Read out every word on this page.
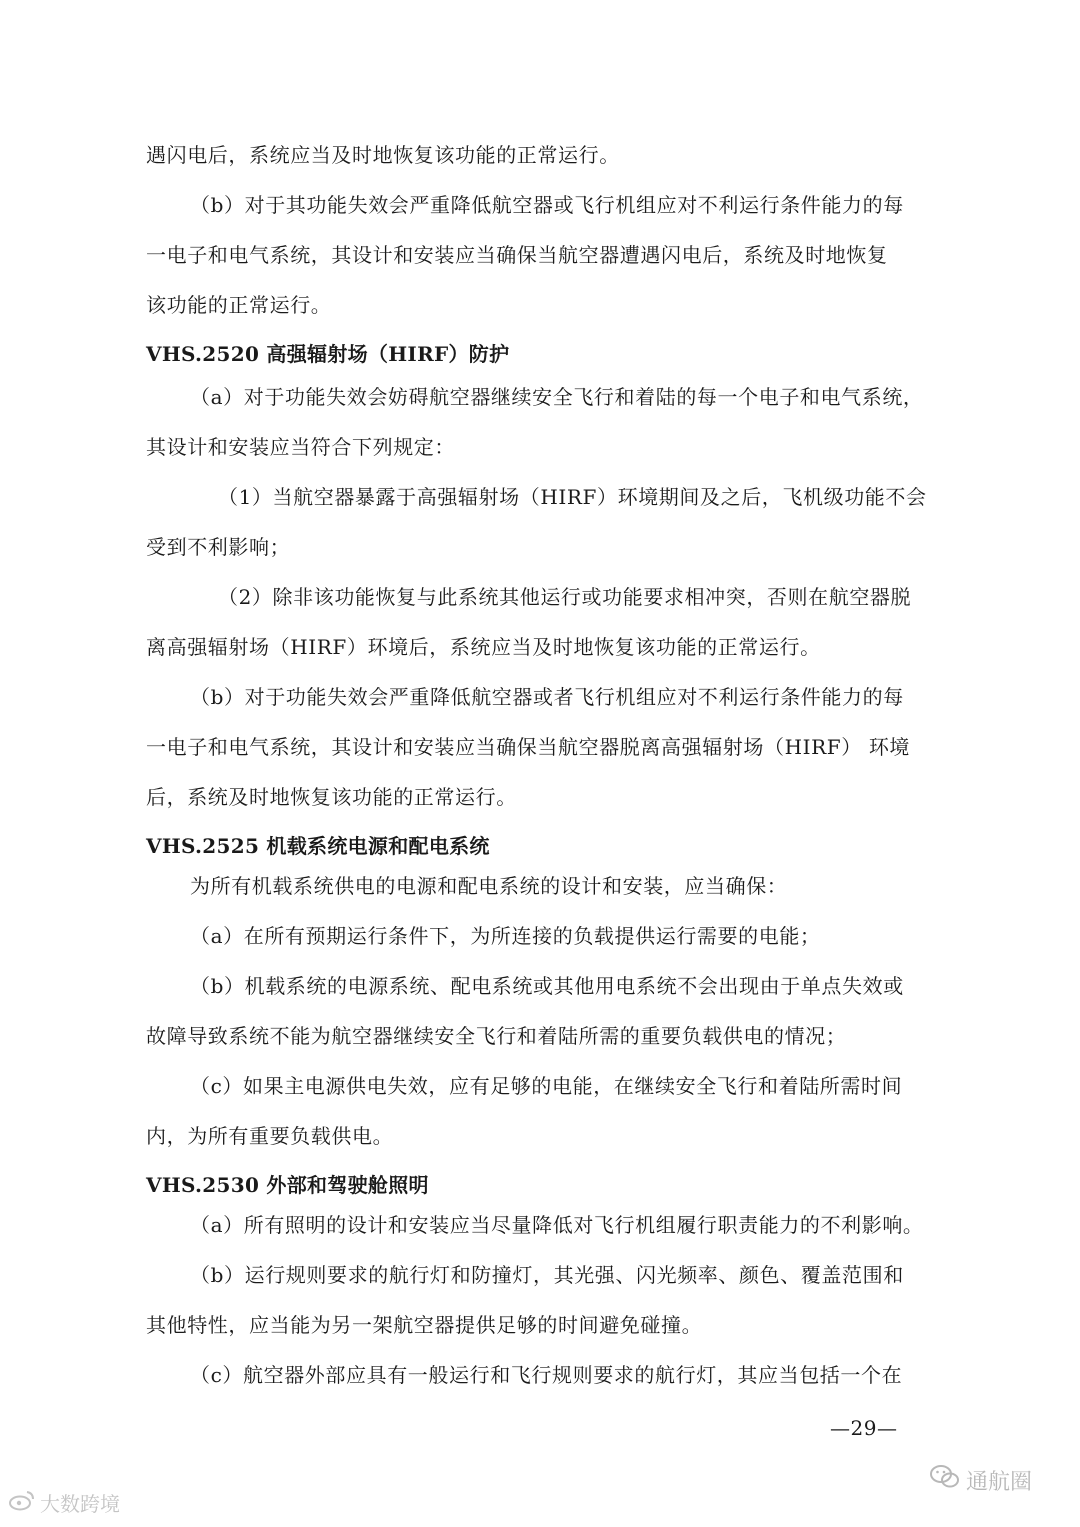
遇闪电后，系统应当及时地恢复该功能的正常运行。
（b）对于其功能失效会严重降低航空器或飞行机组应对不利运行条件能力的每
一电子和电气系统，其设计和安装应当确保当航空器遭遇闪电后，系统及时地恢复
该功能的正常运行。
VHS.2520 高强辐射场（HIRF）防护
（a）对于功能失效会妨碍航空器继续安全飞行和着陆的每一个电子和电气系统，
其设计和安装应当符合下列规定：
（1）当航空器暴露于高强辐射场（HIRF）环境期间及之后，飞机级功能不会
受到不利影响；
（2）除非该功能恢复与此系统其他运行或功能要求相冲突，否则在航空器脱
离高强辐射场（HIRF）环境后，系统应当及时地恢复该功能的正常运行。
（b）对于功能失效会严重降低航空器或者飞行机组应对不利运行条件能力的每
一电子和电气系统，其设计和安装应当确保当航空器脱离高强辐射场（HIRF） 环境
后，系统及时地恢复该功能的正常运行。
VHS.2525 机载系统电源和配电系统
为所有机载系统供电的电源和配电系统的设计和安装，应当确保：
（a）在所有预期运行条件下，为所连接的负载提供运行需要的电能；
（b）机载系统的电源系统、配电系统或其他用电系统不会出现由于单点失效或
故障导致系统不能为航空器继续安全飞行和着陆所需的重要负载供电的情况；
（c）如果主电源供电失效，应有足够的电能，在继续安全飞行和着陆所需时间
内，为所有重要负载供电。
VHS.2530 外部和驾驶舱照明
（a）所有照明的设计和安装应当尽量降低对飞行机组履行职责能力的不利影响。
（b）运行规则要求的航行灯和防撞灯，其光强、闪光频率、颜色、覆盖范围和
其他特性，应当能为另一架航空器提供足够的时间避免碰撞。
（c）航空器外部应具有一般运行和飞行规则要求的航行灯，其应当包括一个在
—29—
通航圈
大数跨境
